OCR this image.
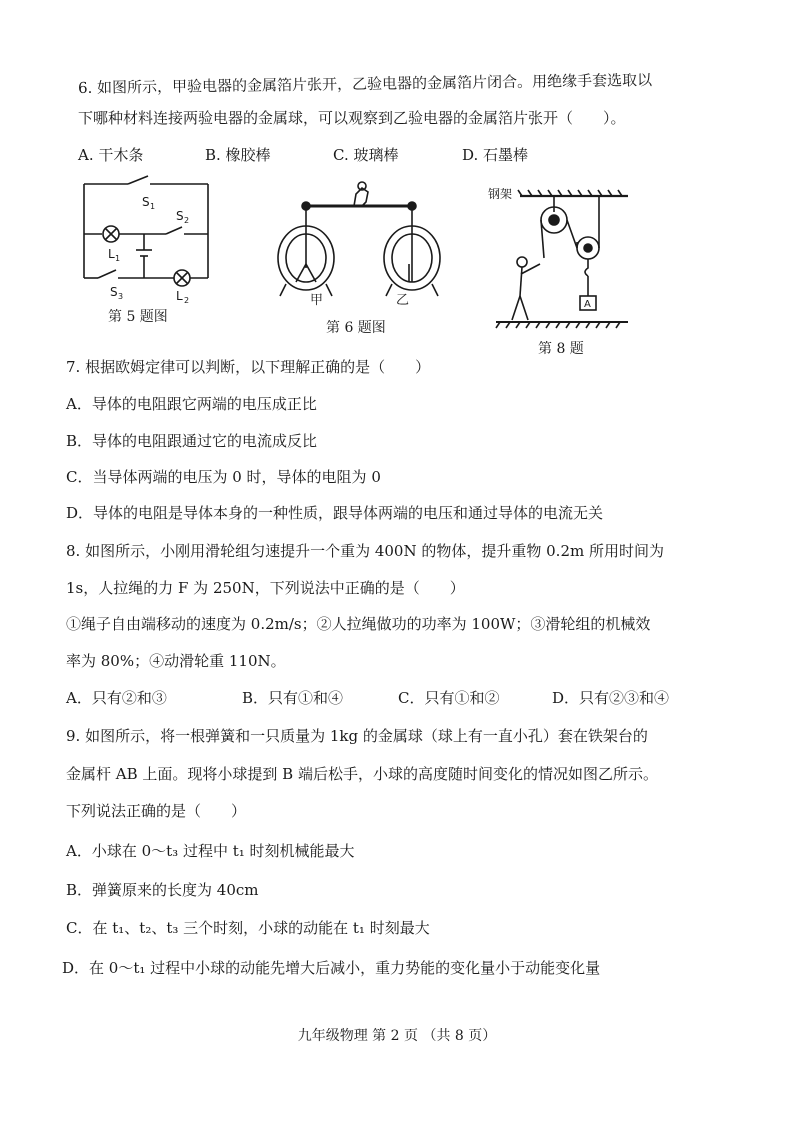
6. 如图所示，甲验电器的金属箔片张开，乙验电器的金属箔片闭合。用绝缘手套选取以
下哪种材料连接两验电器的金属球，可以观察到乙验电器的金属箔片张开（　　）。
A. 干木条	B. 橡胶棒	C. 玻璃棒	D. 石墨棒
S 1
S 2
L 1
S 3	L 2
第 5 题图
甲	乙
第 6 题图
钢架
A
第 8 题
7. 根据欧姆定律可以判断，以下理解正确的是（　　）
A．导体的电阻跟它两端的电压成正比
B．导体的电阻跟通过它的电流成反比
C．当导体两端的电压为 0 时，导体的电阻为 0
D．导体的电阻是导体本身的一种性质，跟导体两端的电压和通过导体的电流无关
8. 如图所示，小刚用滑轮组匀速提升一个重为 400N 的物体，提升重物 0.2m 所用时间为
1s，人拉绳的力 F 为 250N，下列说法中正确的是（　　）
①绳子自由端移动的速度为 0.2m/s；②人拉绳做功的功率为 100W；③滑轮组的机械效
率为 80%；④动滑轮重 110N。
A．只有②和③	B．只有①和④	C．只有①和②	D．只有②③和④
9. 如图所示，将一根弹簧和一只质量为 1kg 的金属球（球上有一直小孔）套在铁架台的
金属杆 AB 上面。现将小球提到 B 端后松手，小球的高度随时间变化的情况如图乙所示。
下列说法正确的是（　　）
A．小球在 0～t₃ 过程中 t₁ 时刻机械能最大
B．弹簧原来的长度为 40cm
C．在 t₁、t₂、t₃ 三个时刻，小球的动能在 t₁ 时刻最大
D．在 0～t₁ 过程中小球的动能先增大后减小，重力势能的变化量小于动能变化量
九年级物理 第 2 页 （共 8 页）
